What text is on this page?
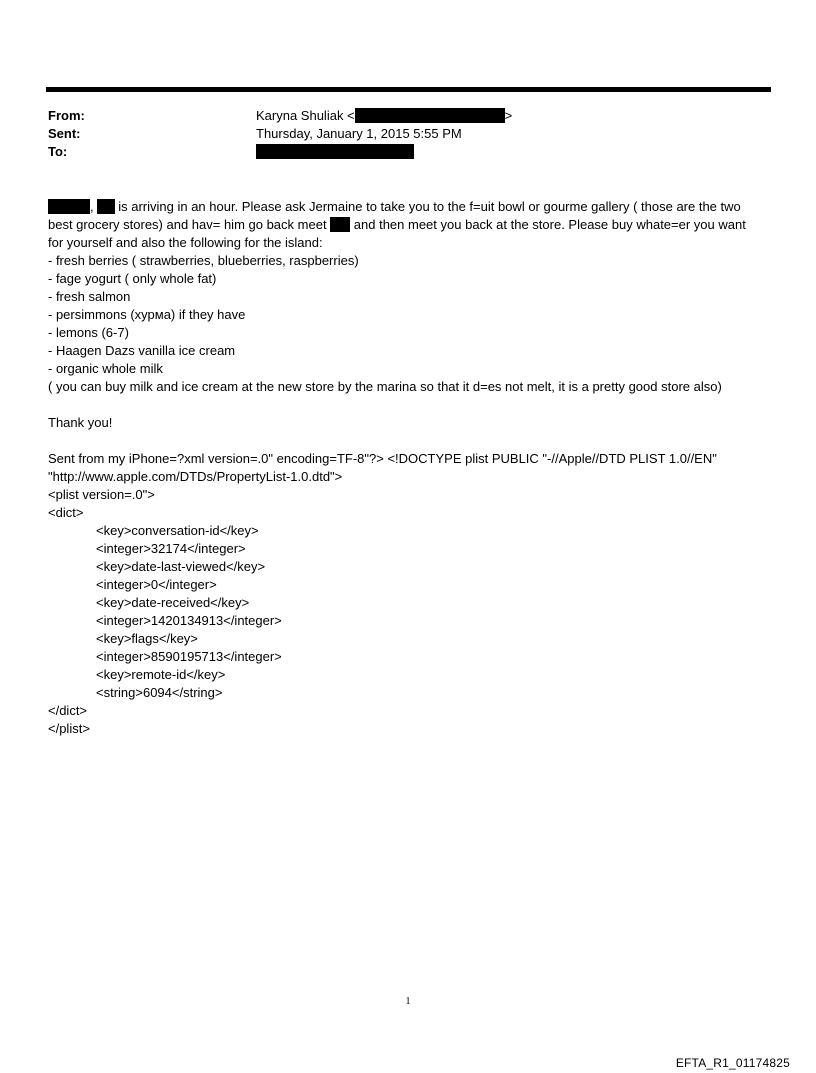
From:	Karyna Shuliak <	>
Sent:	Thursday, January 1, 2015 5:55 PM
To:

, is arriving in an hour. Please ask Jermaine to take you to the f=uit bowl or gourme gallery ( those are the two

best grocery stores) and hav= him go back meet  and then meet you back at the store. Please buy whate=er you want

for yourself and also the following for the island:

- fresh berries ( strawberries, blueberries, raspberries)

- fage yogurt ( only whole fat)

- fresh salmon

- persimmons (хурма) if they have

- lemons (6-7)

- Haagen Dazs vanilla ice cream

- organic whole milk

( you can buy milk and ice cream at the new store by the marina so that it d=es not melt, it is a pretty good store also)

Thank you!

Sent from my iPhone=?xml version=.0" encoding=TF-8"?> <!DOCTYPE plist PUBLIC "-//Apple//DTD PLIST 1.0//EN"

"http://www.apple.com/DTDs/PropertyList-1.0.dtd">

<plist version=.0">

<dict>

<key>conversation-id</key>

<integer>32174</integer>

<key>date-last-viewed</key>

<integer>0</integer>

<key>date-received</key>

<integer>1420134913</integer>

<key>flags</key>

<integer>8590195713</integer>

<key>remote-id</key>

<string>6094</string>

</dict>

</plist>

1
EFTA_R1_01174825
